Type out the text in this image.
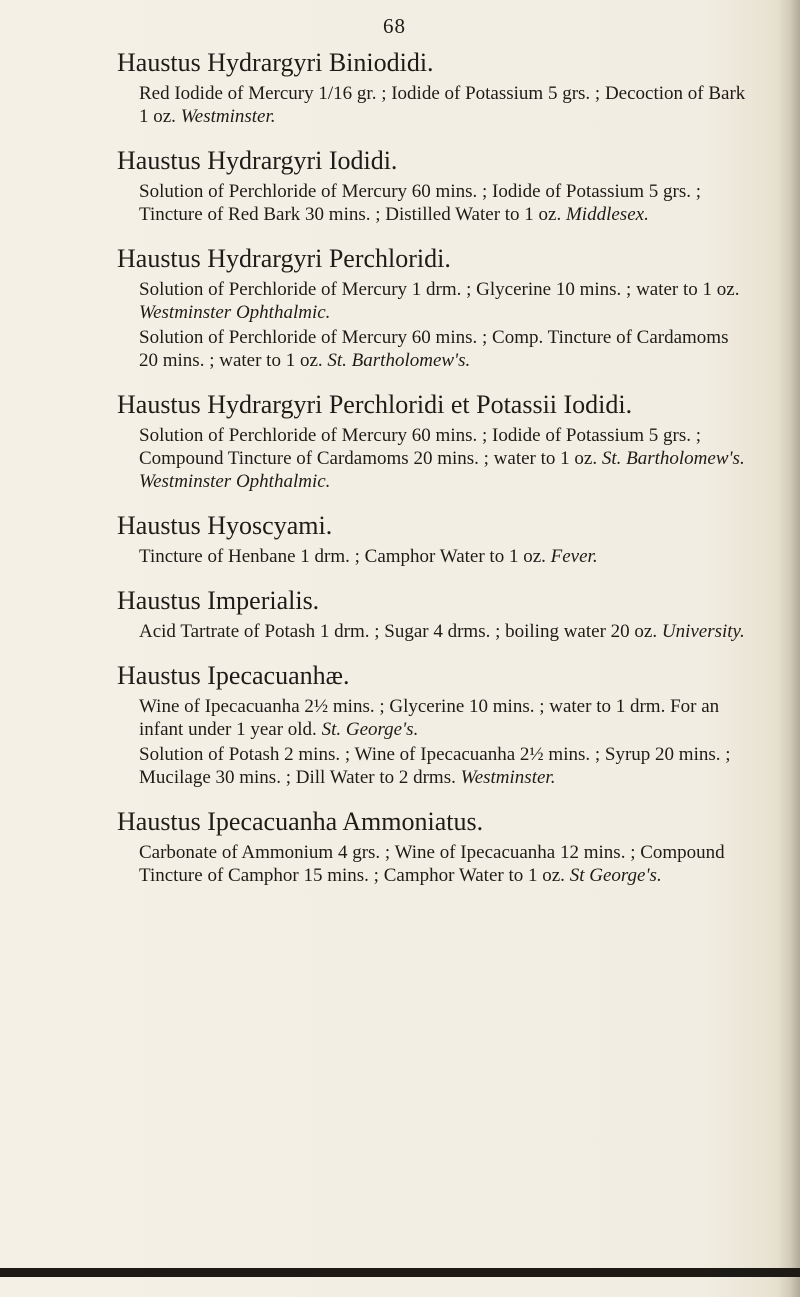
68
Haustus Hydrargyri Biniodidi.
Red Iodide of Mercury 1/16 gr. ; Iodide of Potassium 5 grs. ; Decoction of Bark 1 oz. Westminster.
Haustus Hydrargyri Iodidi.
Solution of Perchloride of Mercury 60 mins. ; Iodide of Potassium 5 grs. ; Tincture of Red Bark 30 mins. ; Distilled Water to 1 oz. Middlesex.
Haustus Hydrargyri Perchloridi.
Solution of Perchloride of Mercury 1 drm. ; Glycerine 10 mins. ; water to 1 oz. Westminster Ophthalmic.
Solution of Perchloride of Mercury 60 mins. ; Comp. Tincture of Cardamoms 20 mins. ; water to 1 oz. St. Bartholomew's.
Haustus Hydrargyri Perchloridi et Potassii Iodidi.
Solution of Perchloride of Mercury 60 mins. ; Iodide of Potassium 5 grs. ; Compound Tincture of Cardamoms 20 mins. ; water to 1 oz. St. Bartholomew's. Westminster Ophthalmic.
Haustus Hyoscyami.
Tincture of Henbane 1 drm. ; Camphor Water to 1 oz. Fever.
Haustus Imperialis.
Acid Tartrate of Potash 1 drm. ; Sugar 4 drms. ; boiling water 20 oz. University.
Haustus Ipecacuanhæ.
Wine of Ipecacuanha 2½ mins. ; Glycerine 10 mins. ; water to 1 drm. For an infant under 1 year old. St. George's.
Solution of Potash 2 mins. ; Wine of Ipecacuanha 2½ mins. ; Syrup 20 mins. ; Mucilage 30 mins. ; Dill Water to 2 drms. Westminster.
Haustus Ipecacuanha Ammoniatus.
Carbonate of Ammonium 4 grs. ; Wine of Ipecacuanha 12 mins. ; Compound Tincture of Camphor 15 mins. ; Camphor Water to 1 oz. St George's.
